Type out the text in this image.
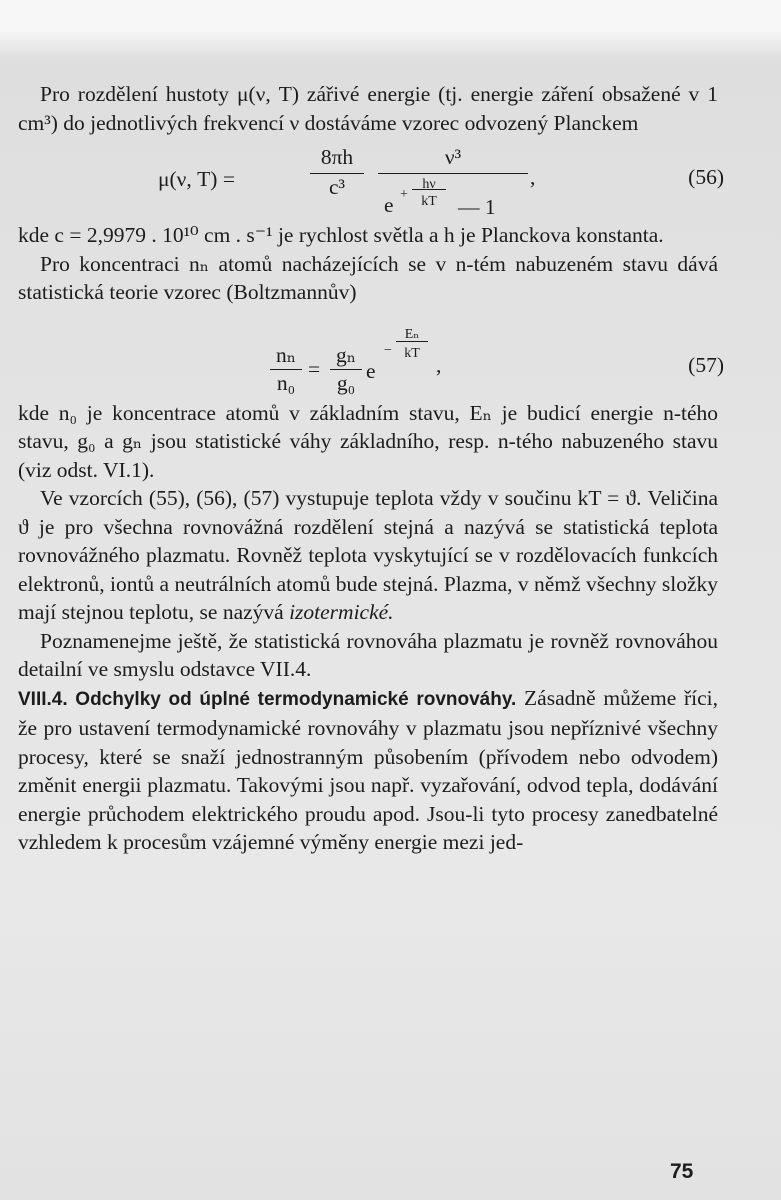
Pro rozdělení hustoty μ(ν, T) zářivé energie (tj. energie záření obsažené v 1 cm³) do jednotlivých frekvencí ν dostáváme vzorec odvozený Planckem

μ(ν, T) =
8πh
c³
ν³
e +
hν
kT — 1
,	(56)

kde c = 2,9979 . 10¹⁰ cm . s⁻¹ je rychlost světla a h je Planckova konstanta.

Pro koncentraci nₙ atomů nacházejících se v n-tém nabuzeném stavu dává statistická teorie vzorec (Boltzmannův)

nₙ
n₀
=
gₙ
g₀ e
−
Eₙ
kT ,	(57)

kde n₀ je koncentrace atomů v základním stavu, Eₙ je budicí energie n-tého stavu, g₀ a gₙ jsou statistické váhy základního, resp. n-tého nabuzeného stavu (viz odst. VI.1).

Ve vzorcích (55), (56), (57) vystupuje teplota vždy v součinu kT = ϑ. Veličina ϑ je pro všechna rovnovážná rozdělení stejná a nazývá se statistická teplota rovnovážného plazmatu. Rovněž teplota vyskytující se v rozdělovacích funkcích elektronů, iontů a neutrálních atomů bude stejná. Plazma, v němž všechny složky mají stejnou teplotu, se nazývá izotermické.

Poznamenejme ještě, že statistická rovnováha plazmatu je rovněž rovnováhou detailní ve smyslu odstavce VII.4.

VIII.4. Odchylky od úplné termodynamické rovnováhy. Zásadně můžeme říci, že pro ustavení termodynamické rovnováhy v plazmatu jsou nepříznivé všechny procesy, které se snaží jednostranným působením (přívodem nebo odvodem) změnit energii plazmatu. Takovými jsou např. vyzařování, odvod tepla, dodávání energie průchodem elektrického proudu apod. Jsou-li tyto procesy zanedbatelné vzhledem k procesům vzájemné výměny energie mezi jed-

75
